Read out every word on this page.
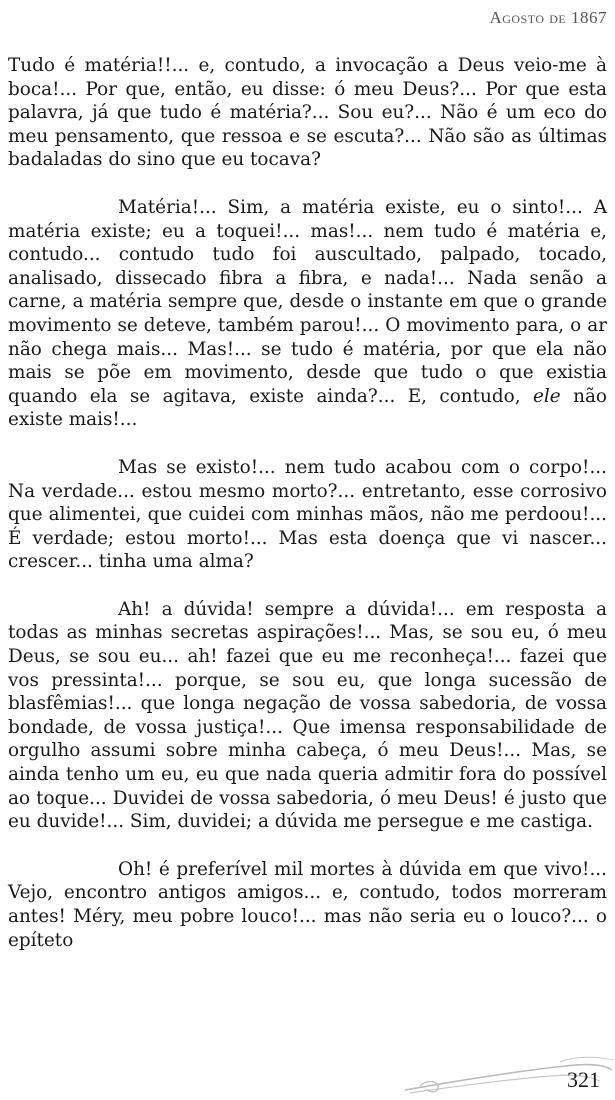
Agosto de 1867

Tudo é matéria!!... e, contudo, a invocação a Deus veio-me à boca!... Por que, então, eu disse: ó meu Deus?... Por que esta palavra, já que tudo é matéria?... Sou eu?... Não é um eco do meu pensamento, que ressoa e se escuta?... Não são as últimas badaladas do sino que eu tocava?

Matéria!... Sim, a matéria existe, eu o sinto!... A matéria existe; eu a toquei!... mas!... nem tudo é matéria e, contudo... contudo tudo foi auscultado, palpado, tocado, analisado, dissecado fibra a fibra, e nada!... Nada senão a carne, a matéria sempre que, desde o instante em que o grande movimento se deteve, também parou!... O movimento para, o ar não chega mais... Mas!... se tudo é matéria, por que ela não mais se põe em movimento, desde que tudo o que existia quando ela se agitava, existe ainda?... E, contudo, ele não existe mais!...

Mas se existo!... nem tudo acabou com o corpo!... Na verdade... estou mesmo morto?... entretanto, esse corrosivo que alimentei, que cuidei com minhas mãos, não me perdoou!... É verdade; estou morto!... Mas esta doença que vi nascer... crescer... tinha uma alma?

Ah! a dúvida! sempre a dúvida!... em resposta a todas as minhas secretas aspirações!... Mas, se sou eu, ó meu Deus, se sou eu... ah! fazei que eu me reconheça!... fazei que vos pressinta!... porque, se sou eu, que longa sucessão de blasfêmias!... que longa negação de vossa sabedoria, de vossa bondade, de vossa justiça!... Que imensa responsabilidade de orgulho assumi sobre minha cabeça, ó meu Deus!... Mas, se ainda tenho um eu, eu que nada queria admitir fora do possível ao toque... Duvidei de vossa sabedoria, ó meu Deus! é justo que eu duvide!... Sim, duvidei; a dúvida me persegue e me castiga.

Oh! é preferível mil mortes à dúvida em que vivo!... Vejo, encontro antigos amigos... e, contudo, todos morreram antes! Méry, meu pobre louco!... mas não seria eu o louco?... o epíteto

321
